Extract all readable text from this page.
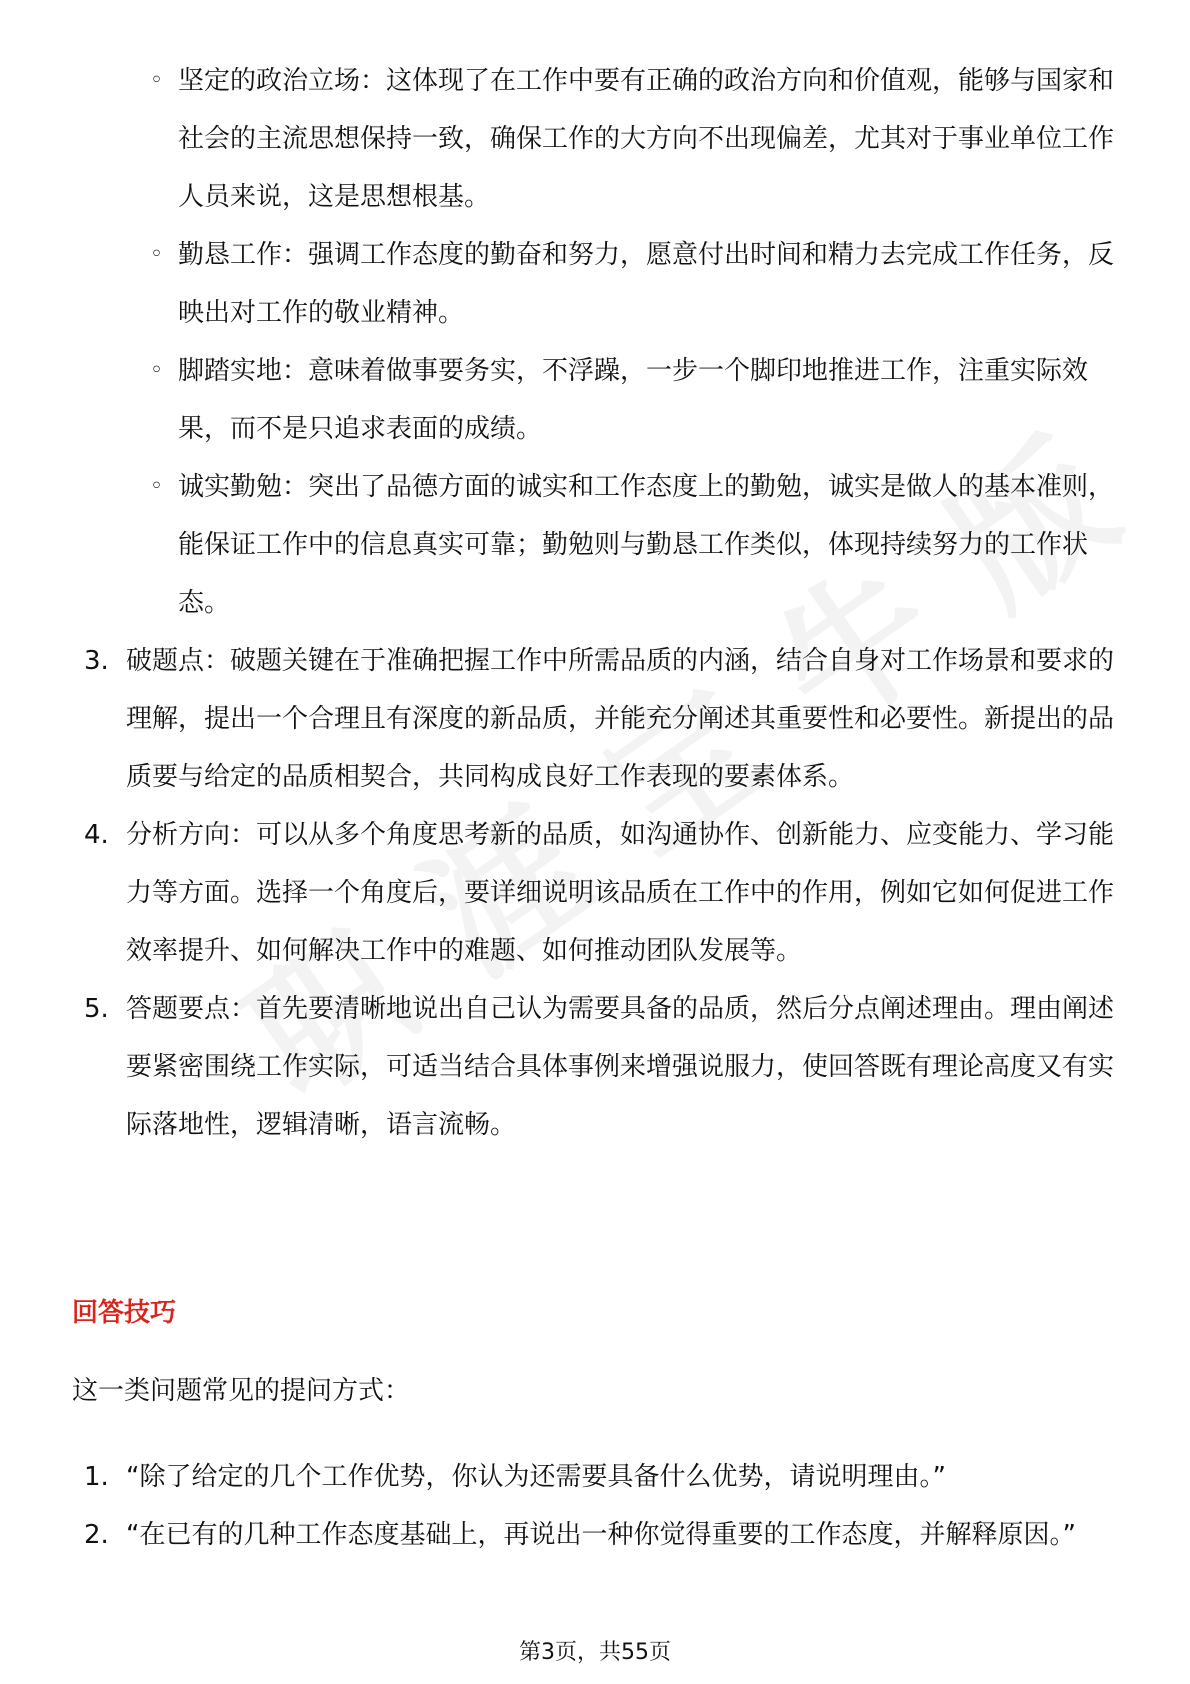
◦ 坚定的政治立场：这体现了在工作中要有正确的政治方向和价值观，能够与国家和社会的主流思想保持一致，确保工作的大方向不出现偏差，尤其对于事业单位工作人员来说，这是思想根基。
◦ 勤恳工作：强调工作态度的勤奋和努力，愿意付出时间和精力去完成工作任务，反映出对工作的敬业精神。
◦ 脚踏实地：意味着做事要务实，不浮躁，一步一个脚印地推进工作，注重实际效果，而不是只追求表面的成绩。
◦ 诚实勤勉：突出了品德方面的诚实和工作态度上的勤勉，诚实是做人的基本准则，能保证工作中的信息真实可靠；勤勉则与勤恳工作类似，体现持续努力的工作状态。
3. 破题点：破题关键在于准确把握工作中所需品质的内涵，结合自身对工作场景和要求的理解，提出一个合理且有深度的新品质，并能充分阐述其重要性和必要性。新提出的品质要与给定的品质相契合，共同构成良好工作表现的要素体系。
4. 分析方向：可以从多个角度思考新的品质，如沟通协作、创新能力、应变能力、学习能力等方面。选择一个角度后，要详细说明该品质在工作中的作用，例如它如何促进工作效率提升、如何解决工作中的难题、如何推动团队发展等。
5. 答题要点：首先要清晰地说出自己认为需要具备的品质，然后分点阐述理由。理由阐述要紧密围绕工作实际，可适当结合具体事例来增强说服力，使回答既有理论高度又有实际落地性，逻辑清晰，语言流畅。
回答技巧
这一类问题常见的提问方式：
1. “除了给定的几个工作优势，你认为还需要具备什么优势，请说明理由。”
2. “在已有的几种工作态度基础上，再说出一种你觉得重要的工作态度，并解释原因。”
第3页，共55页
